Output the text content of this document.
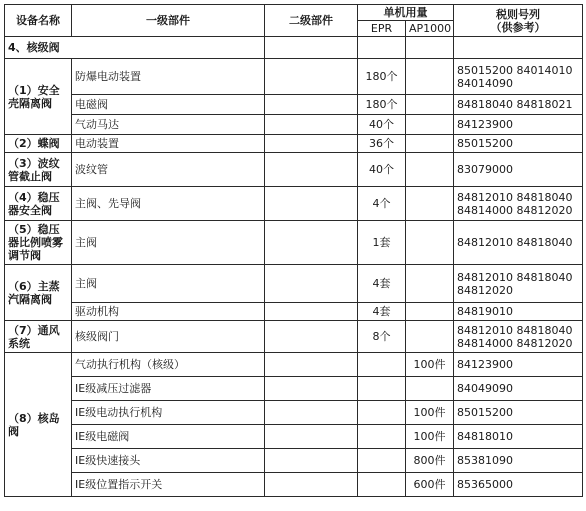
设备名称	一级部件	二级部件	单机用量		税则号列
（供参考）
			EPR	AP1000	
4、核级阀					
（1）安全壳隔离阀	防爆电动装置		180个		85015200 84014010
84014090
	电磁阀		180个		84818040 84818021
	气动马达		40个		84123900
（2）蝶阀	电动装置		36个		85015200
（3）波纹管截止阀	波纹管		40个		83079000
（4）稳压器安全阀	主阀、先导阀		4个		84812010 84818040
84814000 84812020
（5）稳压器比例喷雾调节阀	主阀		1套		84812010 84818040
（6）主蒸汽隔离阀	主阀		4套		84812010 84818040
84812020
	驱动机构		4套		84819010
（7）通风系统	核级阀门		8个		84812010 84818040
84814000 84812020
（8）核岛阀	气动执行机构（核级）			100件	84123900
	IE级减压过滤器				84049090
	IE级电动执行机构			100件	85015200
	IE级电磁阀			100件	84818010
	IE级快速接头			800件	85381090
	IE级位置指示开关			600件	85365000
